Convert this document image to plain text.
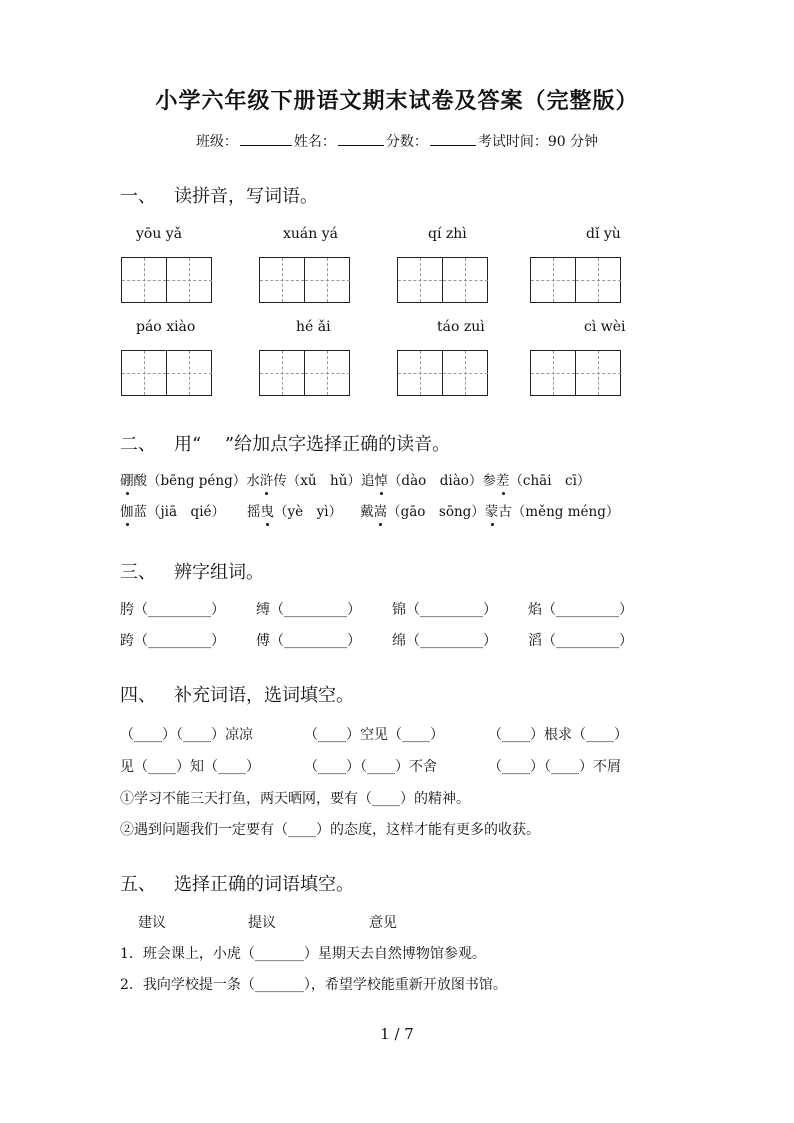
小学六年级下册语文期末试卷及答案（完整版）
班级：	姓名：	分数：	考试时间：90 分钟
一、 读拼音，写词语。
yōu yǎ	xuán yá	qí zhì	dǐ yù
páo xiào	hé ǎi	táo zuì	cì wèi
二、 用“　 ”给加点字选择正确的读音。
硼酸（bēng péng）水浒传（xǔ　hǔ）追悼（dào　diào）参差（chāi　cī）
伽蓝（jiā　qié） 摇曳（yè　yì） 戴嵩（gāo　sōng）蒙古（měng méng）
三、 辨字组词。
胯（_________） 缚（_________） 锦（_________） 焰（_________）
跨（_________） 傅（_________） 绵（_________） 滔（_________）
四、 补充词语，选词填空。
（____）（____）凉凉	（____）空见（____）	（____）根求（____）
见（____）知（____）	（____）（____）不舍	（____）（____）不屑
①学习不能三天打鱼，两天晒网，要有（____）的精神。
②遇到问题我们一定要有（____）的态度，这样才能有更多的收获。
五、 选择正确的词语填空。
建议	提议	意见
1．班会课上，小虎（_______）星期天去自然博物馆参观。
2．我向学校提一条（_______），希望学校能重新开放图书馆。
1 / 7
